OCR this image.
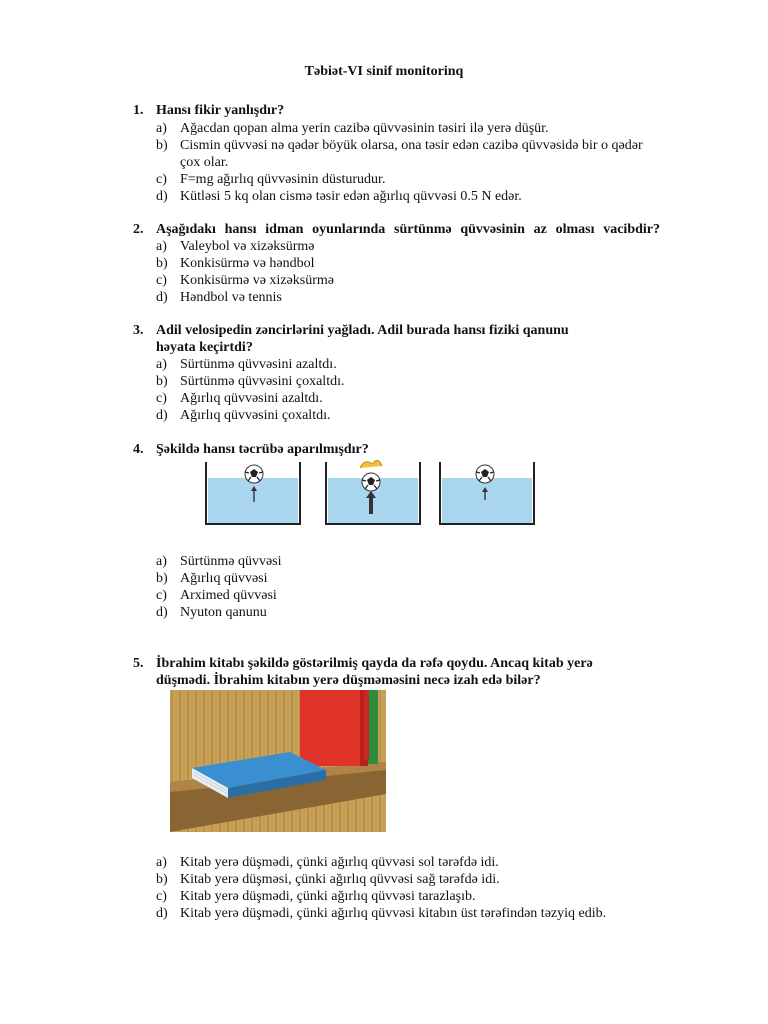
Təbiət-VI sinif monitorinq
1. Hansı fikir yanlışdır?
a) Ağacdan qopan alma yerin cazibə qüvvəsinin təsiri ilə yerə düşür.
b) Cismin qüvvəsi nə qədər böyük olarsa, ona təsir edən cazibə qüvvəsidə bir o qədər çox olar.
c) F=mg ağırlıq qüvvəsinin düsturudur.
d) Kütləsi 5 kq olan cismə təsir edən ağırlıq qüvvəsi 0.5 N edər.
2. Aşağıdakı hansı idman oyunlarında sürtünmə qüvvəsinin az olması vacibdir?
a) Valeybol və xizəksürmə
b) Konkisürmə və həndbol
c) Konkisürmə və xizəksürmə
d) Həndbol və tennis
3. Adil velosipedin zəncirlərini yağladı. Adil burada hansı fiziki qanunu
həyata keçirtdi?
a) Sürtünmə qüvvəsini azaltdı.
b) Sürtünmə qüvvəsini çoxaltdı.
c) Ağırlıq qüvvəsini azaltdı.
d) Ağırlıq qüvvəsini çoxaltdı.
4. Şəkildə hansı təcrübə aparılmışdır?
a) Sürtünmə qüvvəsi
b) Ağırlıq qüvvəsi
c) Arximed qüvvəsi
d) Nyuton qanunu
5. İbrahim kitabı şəkildə göstərilmiş qayda da rəfə qoydu. Ancaq kitab yerə
düşmədi. İbrahim kitabın yerə düşməməsini necə izah edə bilər?
a) Kitab yerə düşmədi, çünki ağırlıq qüvvəsi sol tərəfdə idi.
b) Kitab yerə düşməsi, çünki ağırlıq qüvvəsi sağ tərəfdə idi.
c) Kitab yerə düşmədi, çünki ağırlıq qüvvəsi tarazlaşıb.
d) Kitab yerə düşmədi, çünki ağırlıq qüvvəsi kitabın üst tərəfindən təzyiq edib.
